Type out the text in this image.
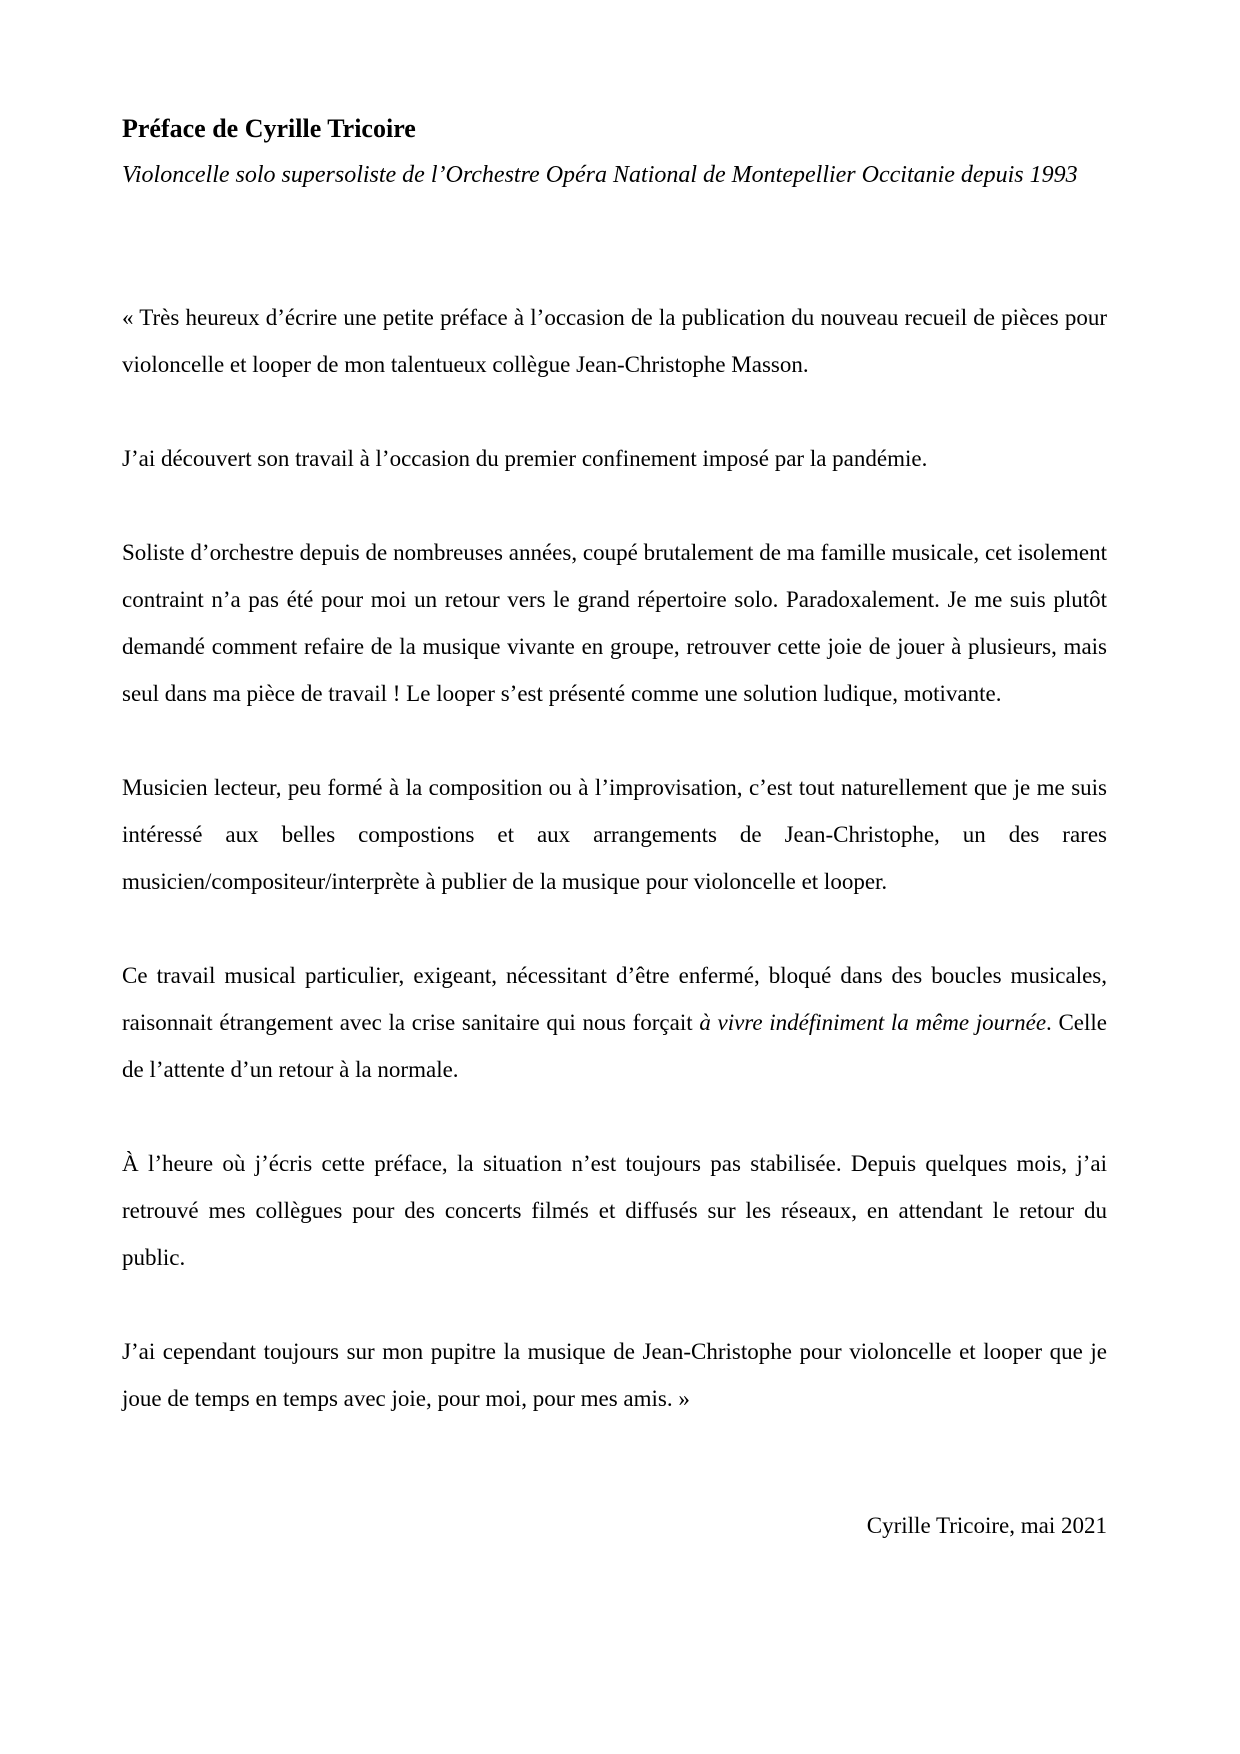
Préface de Cyrille Tricoire

Violoncelle solo supersoliste de l’Orchestre Opéra National de Montepellier Occitanie depuis 1993

« Très heureux d’écrire une petite préface à l’occasion de la publication du nouveau recueil de pièces pour violoncelle et looper de mon talentueux collègue Jean-Christophe Masson.

J’ai découvert son travail à l’occasion du premier confinement imposé par la pandémie.

Soliste d’orchestre depuis de nombreuses années, coupé brutalement de ma famille musicale, cet isolement contraint n’a pas été pour moi un retour vers le grand répertoire solo. Paradoxalement. Je me suis plutôt demandé comment refaire de la musique vivante en groupe, retrouver cette joie de jouer à plusieurs, mais seul dans ma pièce de travail ! Le looper s’est présenté comme une solution ludique, motivante.

Musicien lecteur, peu formé à la composition ou à l’improvisation, c’est tout naturellement que je me suis intéressé aux belles compostions et aux arrangements de Jean-Christophe, un des rares musicien/compositeur/interprète à publier de la musique pour violoncelle et looper.

Ce travail musical particulier, exigeant, nécessitant d’être enfermé, bloqué dans des boucles musicales, raisonnait étrangement avec la crise sanitaire qui nous forçait à vivre indéfiniment la même journée. Celle de l’attente d’un retour à la normale.

À l’heure où j’écris cette préface, la situation n’est toujours pas stabilisée. Depuis quelques mois, j’ai retrouvé mes collègues pour des concerts filmés et diffusés sur les réseaux, en attendant le retour du public.

J’ai cependant toujours sur mon pupitre la musique de Jean-Christophe pour violoncelle et looper que je joue de temps en temps avec joie, pour moi, pour mes amis. »

Cyrille Tricoire, mai 2021
